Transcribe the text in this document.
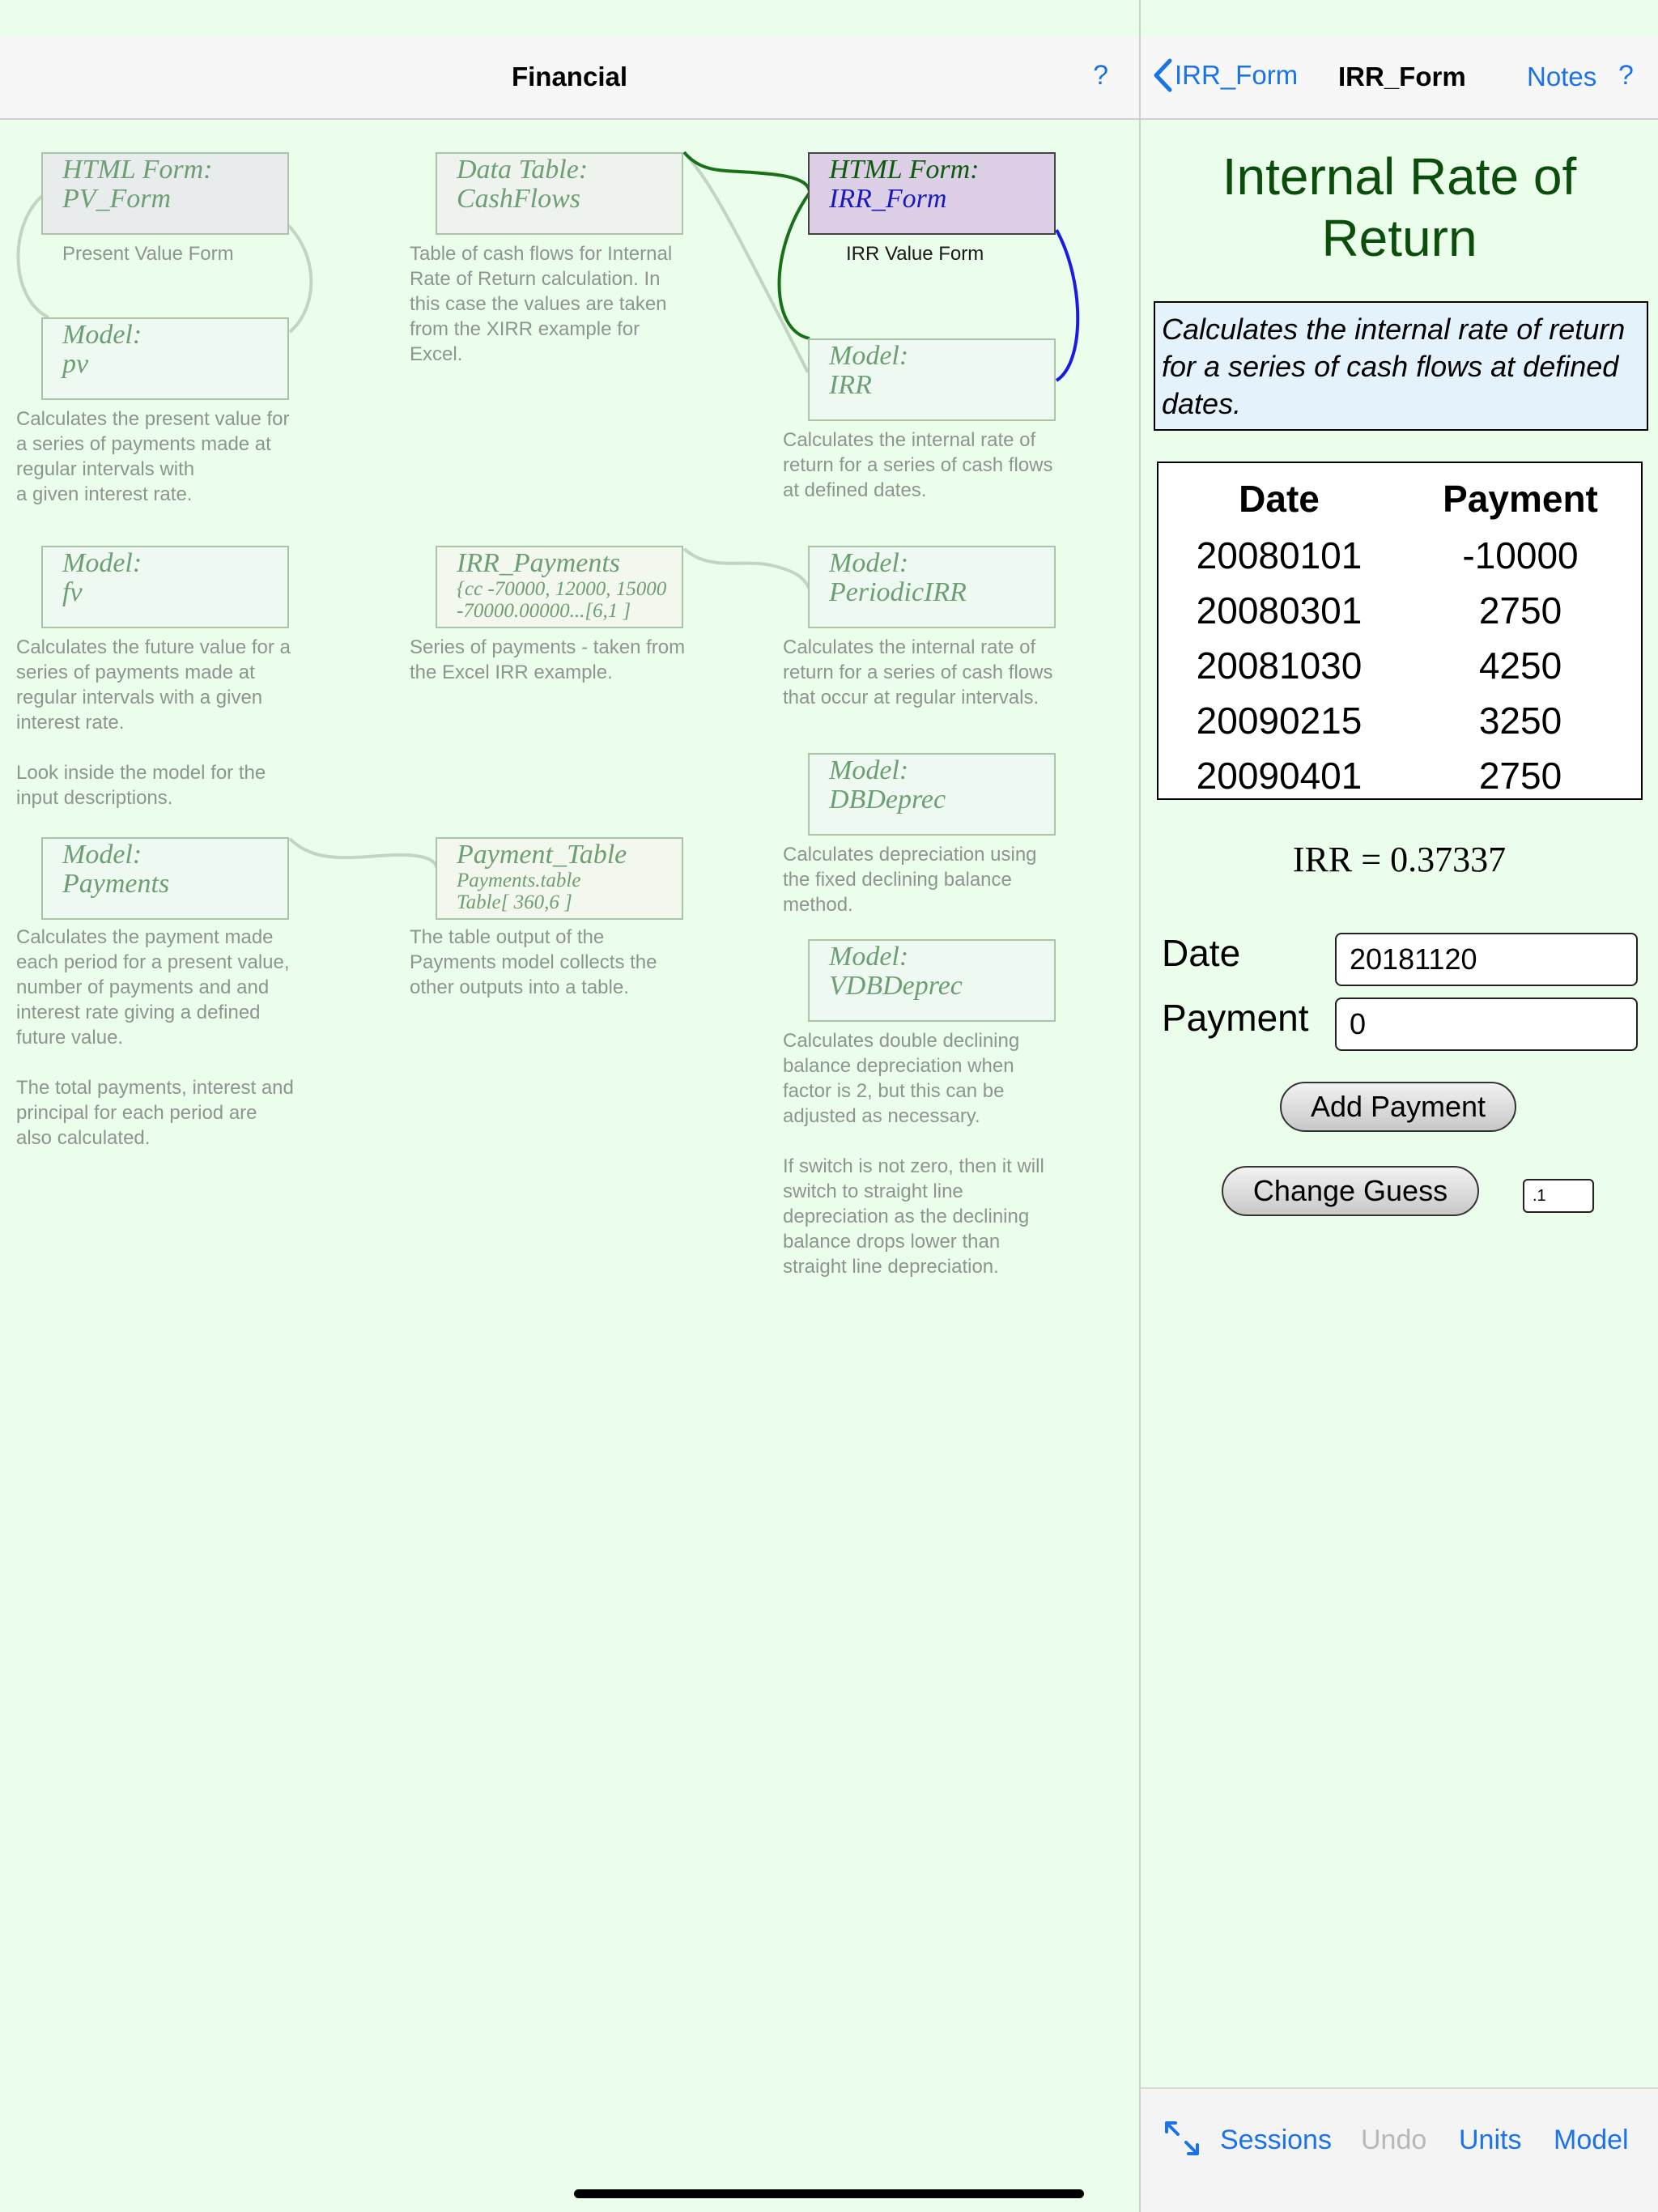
Financial	?
HTML Form:
PV_Form
Present Value Form
Data Table:
CashFlows
Table of cash flows for Internal
Rate of Return calculation. In
this case the values are taken
from the XIRR example for
Excel.
HTML Form:
IRR_Form
IRR Value Form
Model:
pv
Calculates the present value for
a series of payments made at
regular intervals with
a given interest rate.
Model:
IRR
Calculates the internal rate of
return for a series of cash flows
at defined dates.
Model:
fv
Calculates the future value for a
series of payments made at
regular intervals with a given
interest rate.

Look inside the model for the
input descriptions.
IRR_Payments
{cc -70000, 12000, 15000
-70000.00000...[6,1 ]
Series of payments - taken from
the Excel IRR example.
Model:
PeriodicIRR
Calculates the internal rate of
return for a series of cash flows
that occur at regular intervals.
Model:
DBDeprec
Calculates depreciation using
the fixed declining balance
method.
Model:
Payments
Calculates the payment made
each period for a present value,
number of payments and and
interest rate giving a defined
future value.

The total payments, interest and
principal for each period are
also calculated.
Payment_Table
Payments.table
Table[ 360,6 ]
The table output of the
Payments model collects the
other outputs into a table.
Model:
VDBDeprec
Calculates double declining
balance depreciation when
factor is 2, but this can be
adjusted as necessary.

If switch is not zero, then it will
switch to straight line
depreciation as the declining
balance drops lower than
straight line depreciation.
IRR_Form IRR_Form Notes ?
Internal Rate of Return
Calculates the internal rate of return for a series of cash flows at defined dates.
Date	Payment
20080101	-10000
20080301	2750
20081030	4250
20090215	3250
20090401	2750
IRR = 0.37337
Date	20181120
Payment	0
Add Payment
Change Guess	.1
Sessions Undo Units Model
